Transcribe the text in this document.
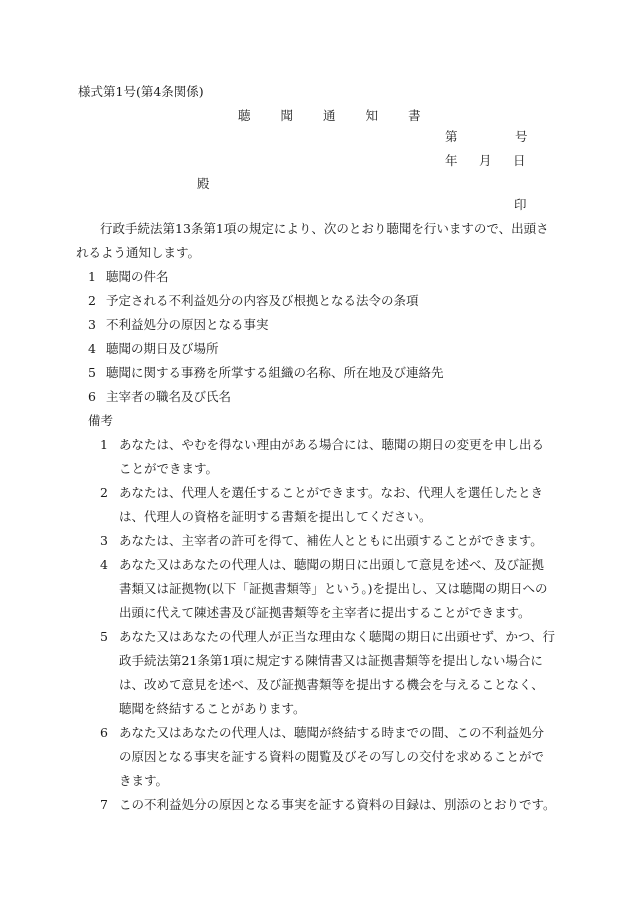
様式第1号(第4条関係)
聴 聞 通 知 書
第	号
年 月 日
殿
印

行政手続法第13条第1項の規定により、次のとおり聴聞を行いますので、出頭されるよう通知します。

1 聴聞の件名
2 予定される不利益処分の内容及び根拠となる法令の条項
3 不利益処分の原因となる事実
4 聴聞の期日及び場所
5 聴聞に関する事務を所掌する組織の名称、所在地及び連絡先
6 主宰者の職名及び氏名
備考

1 あなたは、やむを得ない理由がある場合には、聴聞の期日の変更を申し出ることができます。

2 あなたは、代理人を選任することができます。なお、代理人を選任したときは、代理人の資格を証明する書類を提出してください。

3 あなたは、主宰者の許可を得て、補佐人とともに出頭することができます。

4 あなた又はあなたの代理人は、聴聞の期日に出頭して意見を述べ、及び証拠書類又は証拠物(以下「証拠書類等」という。)を提出し、又は聴聞の期日への出頭に代えて陳述書及び証拠書類等を主宰者に提出することができます。

5 あなた又はあなたの代理人が正当な理由なく聴聞の期日に出頭せず、かつ、行政手続法第21条第1項に規定する陳情書又は証拠書類等を提出しない場合には、改めて意見を述べ、及び証拠書類等を提出する機会を与えることなく、聴聞を終結することがあります。

6 あなた又はあなたの代理人は、聴聞が終結する時までの間、この不利益処分の原因となる事実を証する資料の閲覧及びその写しの交付を求めることができます。

7 この不利益処分の原因となる事実を証する資料の目録は、別添のとおりです。
